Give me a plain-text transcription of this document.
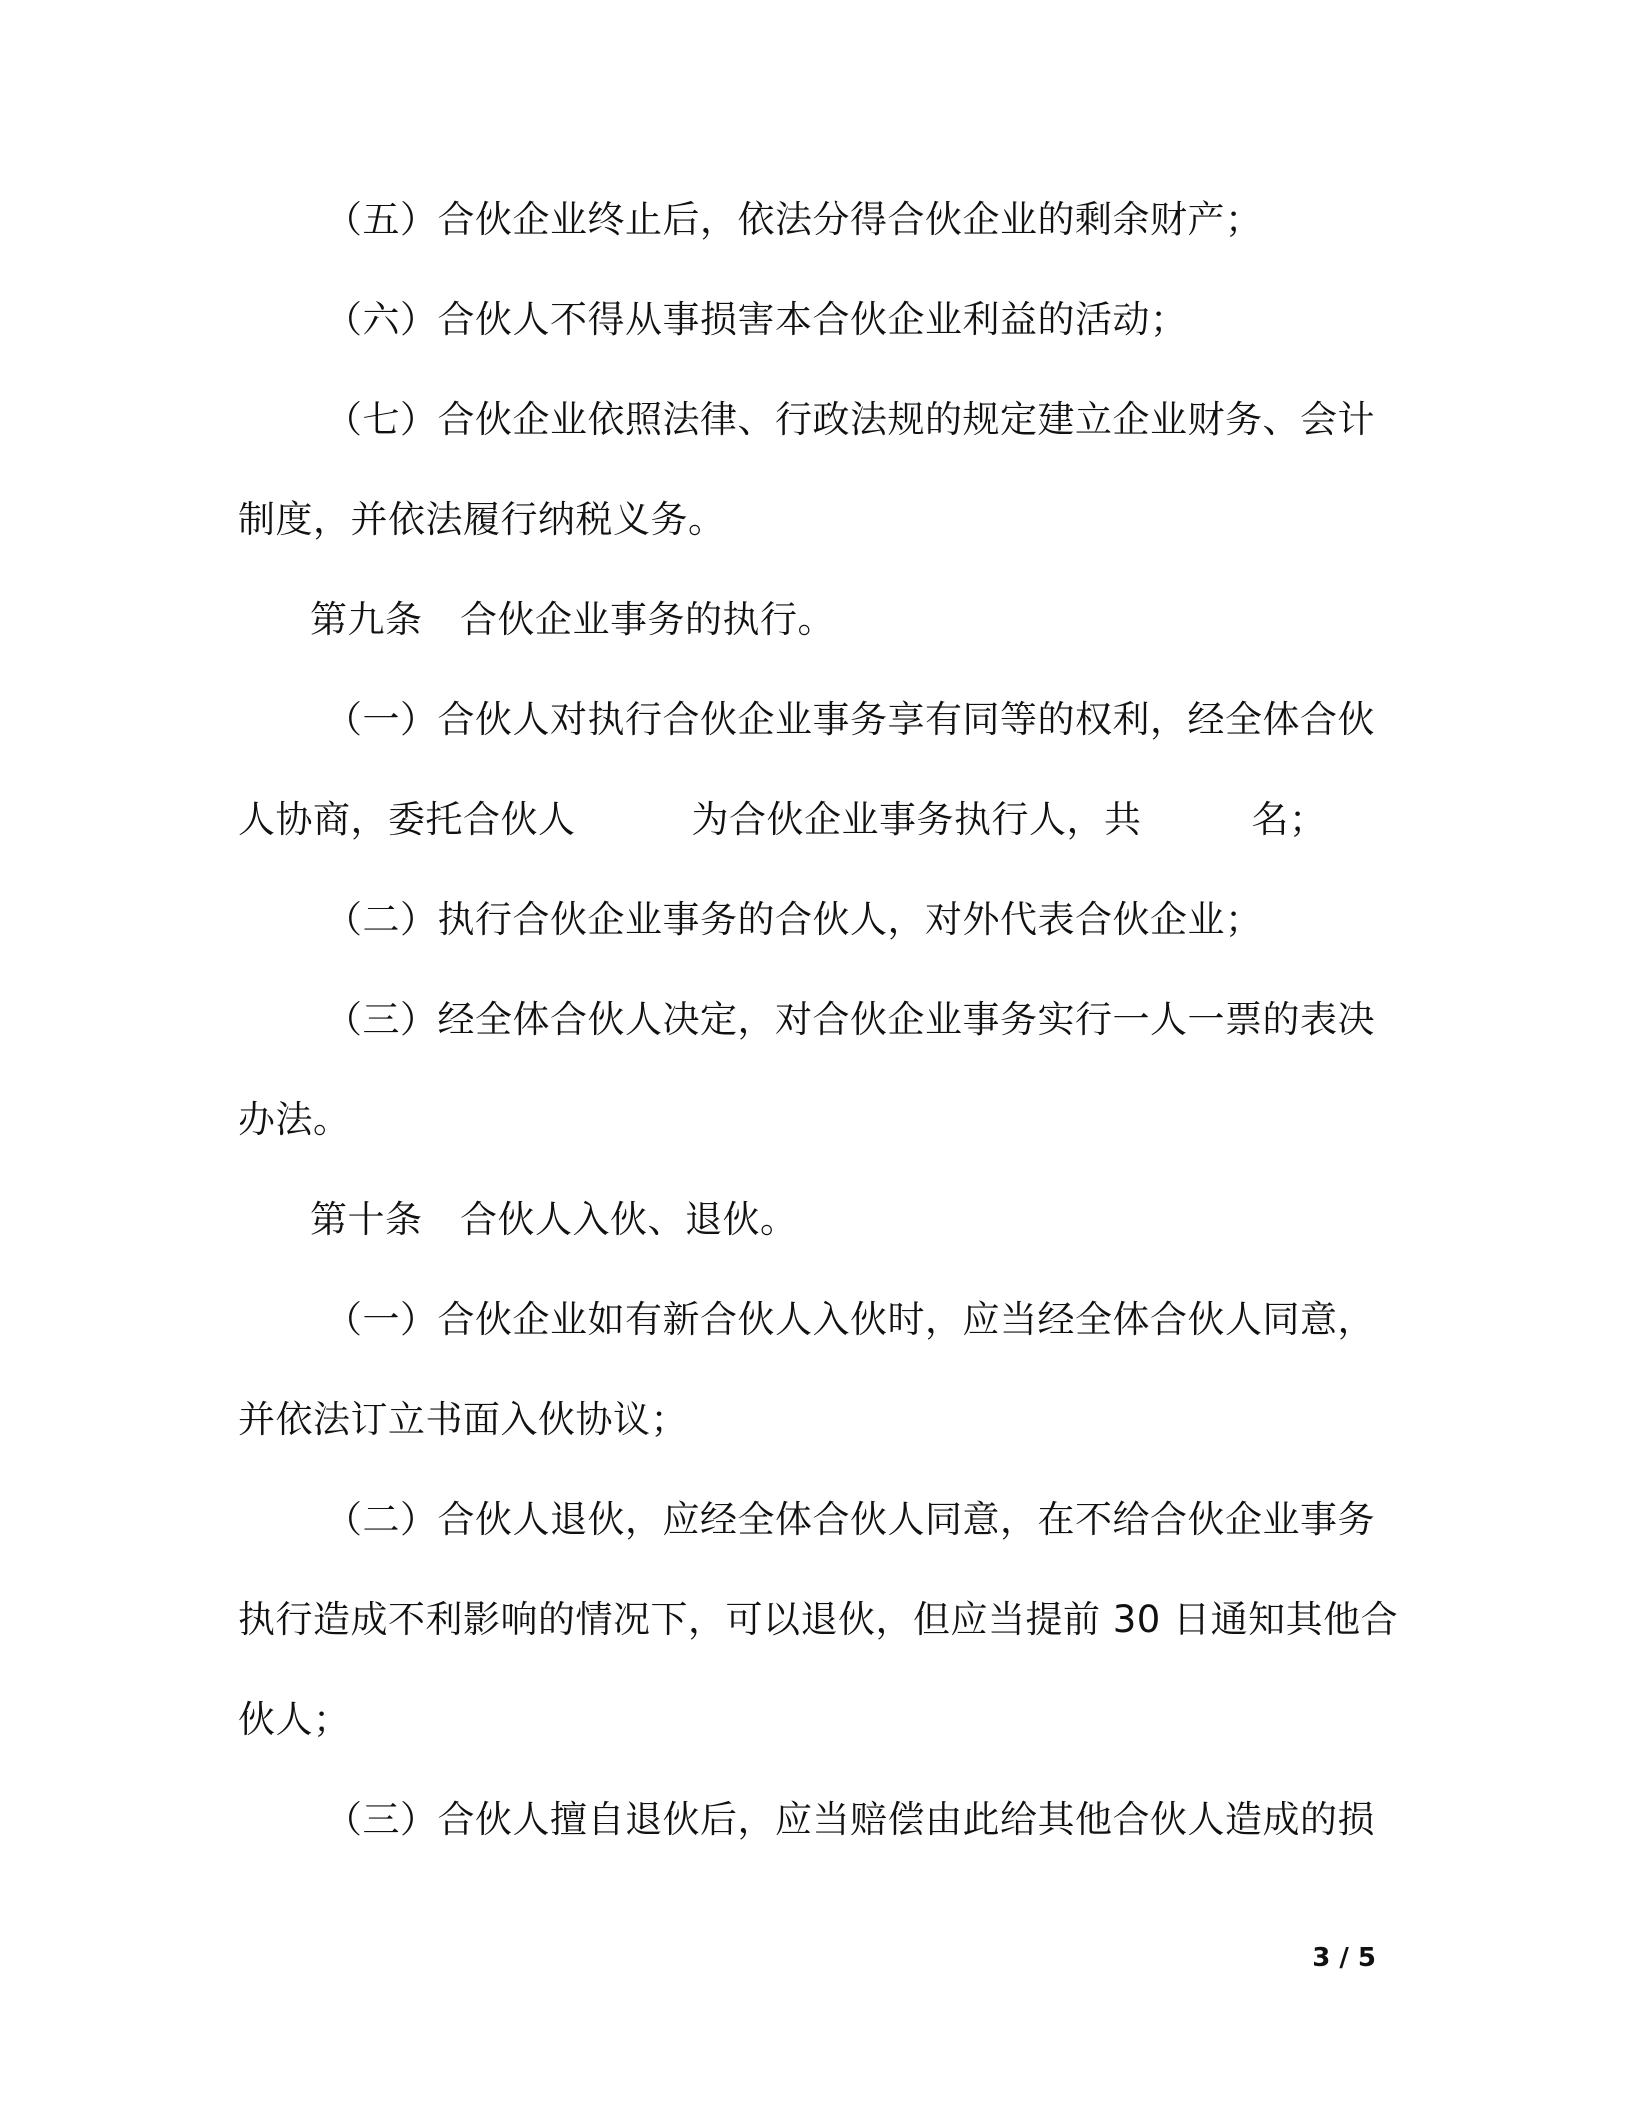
（五）合伙企业终止后，依法分得合伙企业的剩余财产；
（六）合伙人不得从事损害本合伙企业利益的活动；
（七）合伙企业依照法律、行政法规的规定建立企业财务、会计
制度，并依法履行纳税义务。
第九条　合伙企业事务的执行。
（一）合伙人对执行合伙企业事务享有同等的权利，经全体合伙
人协商，委托合伙人	为合伙企业事务执行人，共	名；
（二）执行合伙企业事务的合伙人，对外代表合伙企业；
（三）经全体合伙人决定，对合伙企业事务实行一人一票的表决
办法。
第十条　合伙人入伙、退伙。
（一）合伙企业如有新合伙人入伙时，应当经全体合伙人同意，
并依法订立书面入伙协议；
（二）合伙人退伙，应经全体合伙人同意，在不给合伙企业事务
执行造成不利影响的情况下，可以退伙，但应当提前 30 日通知其他合
伙人；
（三）合伙人擅自退伙后，应当赔偿由此给其他合伙人造成的损
3 / 5
